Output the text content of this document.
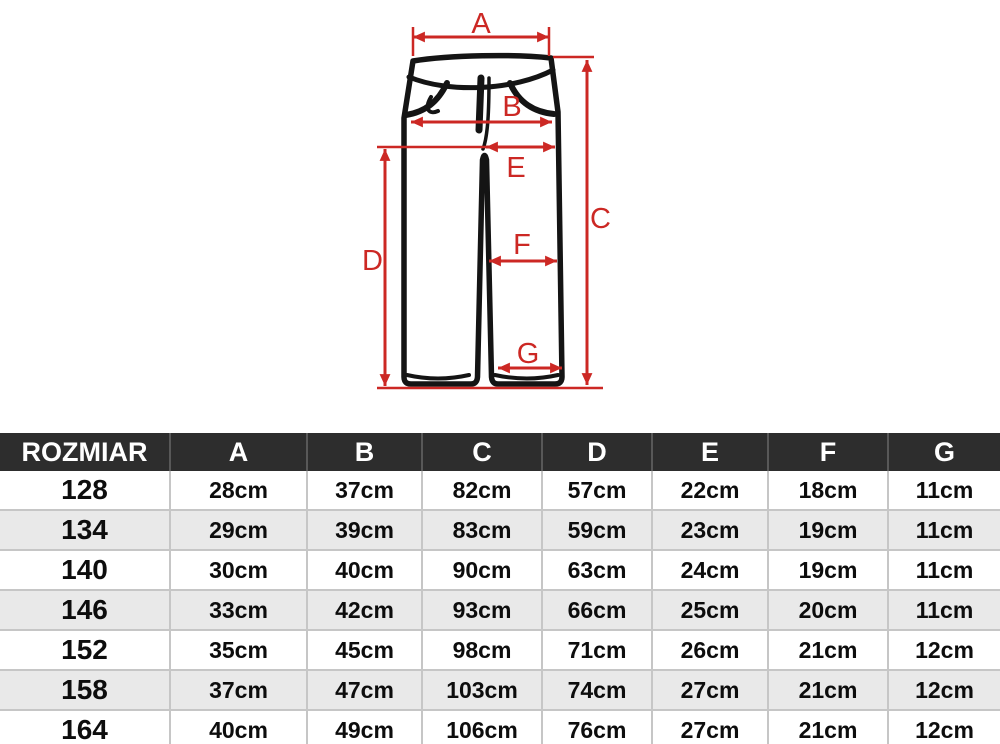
A
B
C
D
E
F
G
ROZMIAR	A	B	C	D	E	F	G
128	28cm	37cm	82cm	57cm	22cm	18cm	11cm
134	29cm	39cm	83cm	59cm	23cm	19cm	11cm
140	30cm	40cm	90cm	63cm	24cm	19cm	11cm
146	33cm	42cm	93cm	66cm	25cm	20cm	11cm
152	35cm	45cm	98cm	71cm	26cm	21cm	12cm
158	37cm	47cm	103cm	74cm	27cm	21cm	12cm
164	40cm	49cm	106cm	76cm	27cm	21cm	12cm
